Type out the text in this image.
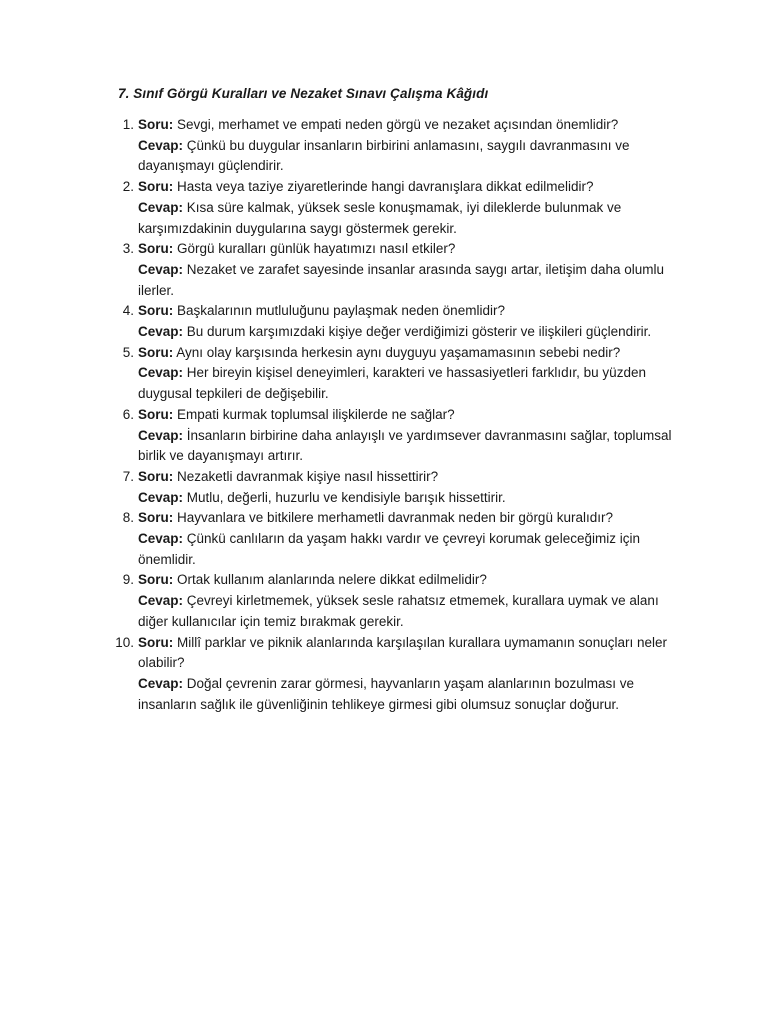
7. Sınıf Görgü Kuralları ve Nezaket Sınavı Çalışma Kâğıdı
1. Soru: Sevgi, merhamet ve empati neden görgü ve nezaket açısından önemlidir?
Cevap: Çünkü bu duygular insanların birbirini anlamasını, saygılı davranmasını ve dayanışmayı güçlendirir.
2. Soru: Hasta veya taziye ziyaretlerinde hangi davranışlara dikkat edilmelidir?
Cevap: Kısa süre kalmak, yüksek sesle konuşmamak, iyi dileklerde bulunmak ve karşımızdakinin duygularına saygı göstermek gerekir.
3. Soru: Görgü kuralları günlük hayatımızı nasıl etkiler?
Cevap: Nezaket ve zarafet sayesinde insanlar arasında saygı artar, iletişim daha olumlu ilerler.
4. Soru: Başkalarının mutluluğunu paylaşmak neden önemlidir?
Cevap: Bu durum karşımızdaki kişiye değer verdiğimizi gösterir ve ilişkileri güçlendirir.
5. Soru: Aynı olay karşısında herkesin aynı duyguyu yaşamamasının sebebi nedir?
Cevap: Her bireyin kişisel deneyimleri, karakteri ve hassasiyetleri farklıdır, bu yüzden duygusal tepkileri de değişebilir.
6. Soru: Empati kurmak toplumsal ilişkilerde ne sağlar?
Cevap: İnsanların birbirine daha anlayışlı ve yardımsever davranmasını sağlar, toplumsal birlik ve dayanışmayı artırır.
7. Soru: Nezaketli davranmak kişiye nasıl hissettirir?
Cevap: Mutlu, değerli, huzurlu ve kendisiyle barışık hissettirir.
8. Soru: Hayvanlara ve bitkilere merhametli davranmak neden bir görgü kuralıdır?
Cevap: Çünkü canlıların da yaşam hakkı vardır ve çevreyi korumak geleceğimiz için önemlidir.
9. Soru: Ortak kullanım alanlarında nelere dikkat edilmelidir?
Cevap: Çevreyi kirletmemek, yüksek sesle rahatsız etmemek, kurallara uymak ve alanı diğer kullanıcılar için temiz bırakmak gerekir.
10. Soru: Millî parklar ve piknik alanlarında karşılaşılan kurallara uymamanın sonuçları neler olabilir?
Cevap: Doğal çevrenin zarar görmesi, hayvanların yaşam alanlarının bozulması ve insanların sağlık ile güvenliğinin tehlikeye girmesi gibi olumsuz sonuçlar doğurur.
